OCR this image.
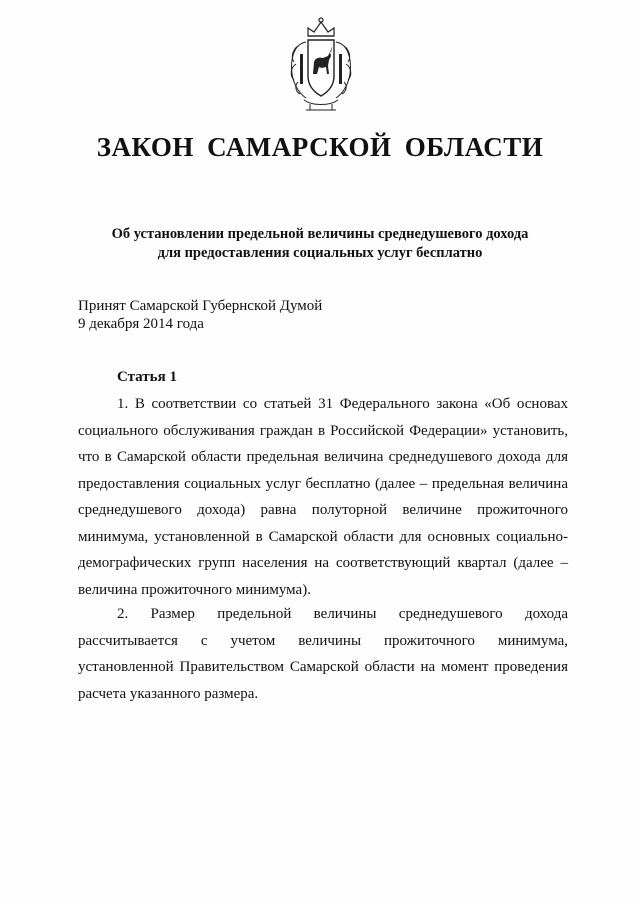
ЗАКОН САМАРСКОЙ ОБЛАСТИ
Об установлении предельной величины среднедушевого дохода
для предоставления социальных услуг бесплатно
Принят Самарской Губернской Думой
9 декабря 2014 года
Статья 1

1. В соответствии со статьей 31 Федерального закона «Об основах социального обслуживания граждан в Российской Федерации» установить, что в Самарской области предельная величина среднедушевого дохода для предоставления социальных услуг бесплатно (далее – предельная величина среднедушевого дохода) равна полуторной величине прожиточного минимума, установленной в Самарской области для основных социально-демографических групп населения на соответствующий квартал (далее – величина прожиточного минимума).

2. Размер предельной величины среднедушевого дохода рассчитывается с учетом величины прожиточного минимума, установленной Правительством Самарской области на момент проведения расчета указанного размера.
